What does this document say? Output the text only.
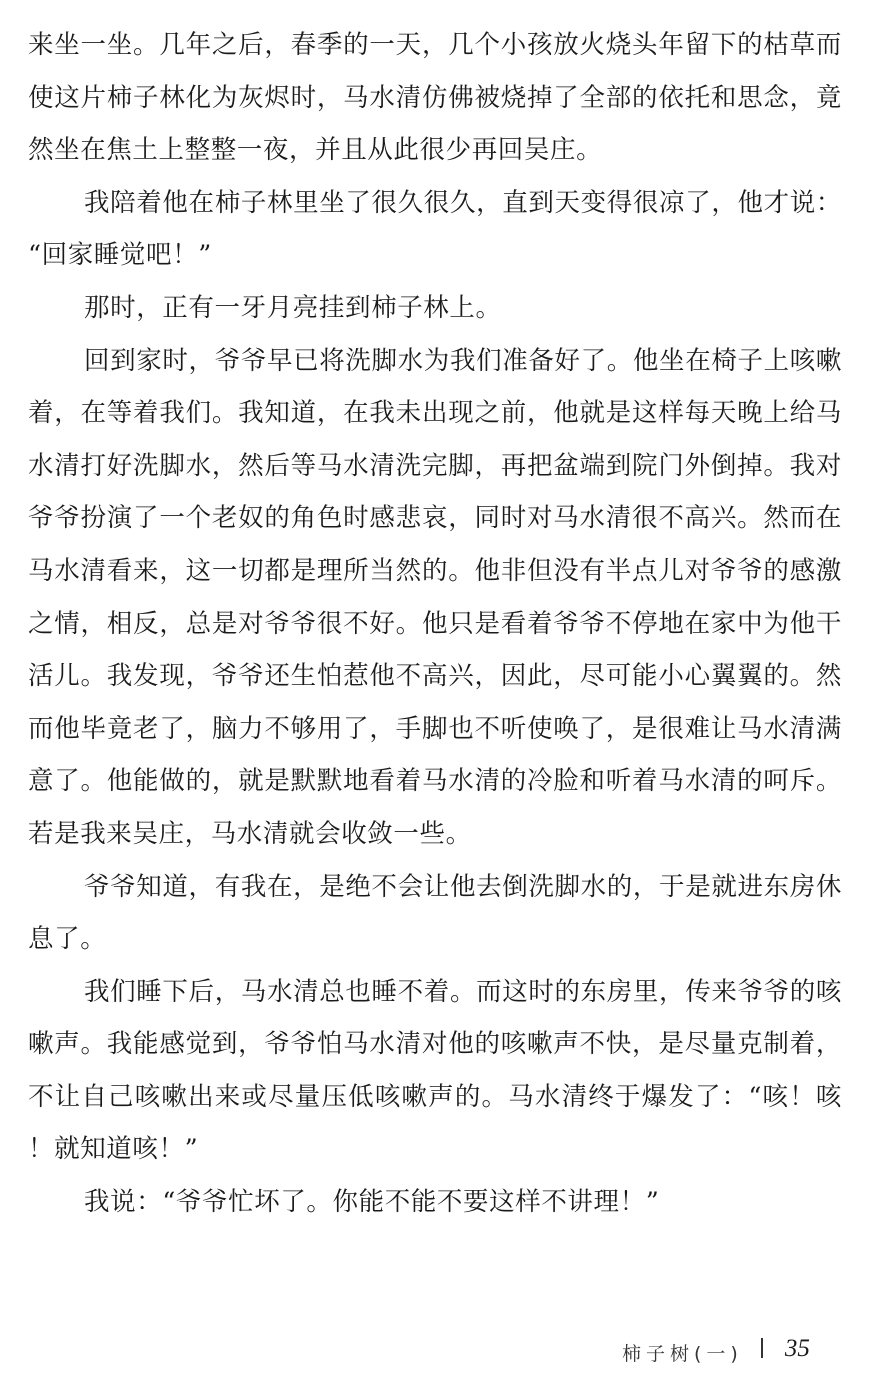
来坐一坐。几年之后，春季的一天，几个小孩放火烧头年留下的枯草而使这片柿子林化为灰烬时，马水清仿佛被烧掉了全部的依托和思念，竟然坐在焦土上整整一夜，并且从此很少再回吴庄。

我陪着他在柿子林里坐了很久很久，直到天变得很凉了，他才说：“回家睡觉吧！”

那时，正有一牙月亮挂到柿子林上。

回到家时，爷爷早已将洗脚水为我们准备好了。他坐在椅子上咳嗽着，在等着我们。我知道，在我未出现之前，他就是这样每天晚上给马水清打好洗脚水，然后等马水清洗完脚，再把盆端到院门外倒掉。我对爷爷扮演了一个老奴的角色时感悲哀，同时对马水清很不高兴。然而在马水清看来，这一切都是理所当然的。他非但没有半点儿对爷爷的感激之情，相反，总是对爷爷很不好。他只是看着爷爷不停地在家中为他干活儿。我发现，爷爷还生怕惹他不高兴，因此，尽可能小心翼翼的。然而他毕竟老了，脑力不够用了，手脚也不听使唤了，是很难让马水清满意了。他能做的，就是默默地看着马水清的冷脸和听着马水清的呵斥。若是我来吴庄，马水清就会收敛一些。

爷爷知道，有我在，是绝不会让他去倒洗脚水的，于是就进东房休息了。

我们睡下后，马水清总也睡不着。而这时的东房里，传来爷爷的咳嗽声。我能感觉到，爷爷怕马水清对他的咳嗽声不快，是尽量克制着，不让自己咳嗽出来或尽量压低咳嗽声的。马水清终于爆发了：“咳！咳！就知道咳！”

我说：“爷爷忙坏了。你能不能不要这样不讲理！”

柿子树(一) 35
